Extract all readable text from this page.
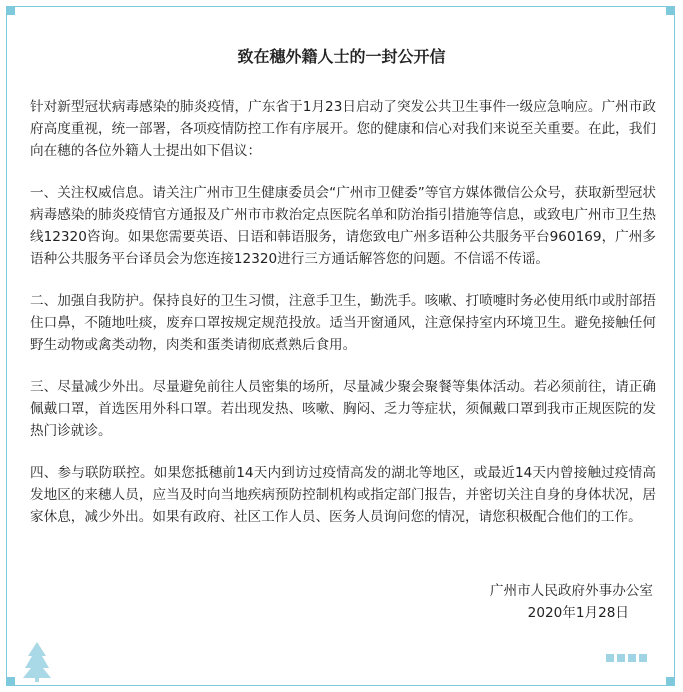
致在穗外籍人士的一封公开信

针对新型冠状病毒感染的肺炎疫情，广东省于1月23日启动了突发公共卫生事件一级应急响应。广州市政府高度重视，统一部署，各项疫情防控工作有序展开。您的健康和信心对我们来说至关重要。在此，我们向在穗的各位外籍人士提出如下倡议：

一、关注权威信息。请关注广州市卫生健康委员会“广州市卫健委”等官方媒体微信公众号，获取新型冠状病毒感染的肺炎疫情官方通报及广州市市救治定点医院名单和防治指引措施等信息，或致电广州市卫生热线12320咨询。如果您需要英语、日语和韩语服务，请您致电广州多语种公共服务平台960169，广州多语种公共服务平台译员会为您连接12320进行三方通话解答您的问题。不信谣不传谣。

二、加强自我防护。保持良好的卫生习惯，注意手卫生，勤洗手。咳嗽、打喷嚏时务必使用纸巾或肘部捂住口鼻，不随地吐痰，废弃口罩按规定规范投放。适当开窗通风，注意保持室内环境卫生。避免接触任何野生动物或禽类动物，肉类和蛋类请彻底煮熟后食用。

三、尽量减少外出。尽量避免前往人员密集的场所，尽量减少聚会聚餐等集体活动。若必须前往，请正确佩戴口罩，首选医用外科口罩。若出现发热、咳嗽、胸闷、乏力等症状，须佩戴口罩到我市正规医院的发热门诊就诊。

四、参与联防联控。如果您抵穗前14天内到访过疫情高发的湖北等地区，或最近14天内曾接触过疫情高发地区的来穗人员，应当及时向当地疾病预防控制机构或指定部门报告，并密切关注自身的身体状况，居家休息，减少外出。如果有政府、社区工作人员、医务人员询问您的情况，请您积极配合他们的工作。

广州市人民政府外事办公室
2020年1月28日
